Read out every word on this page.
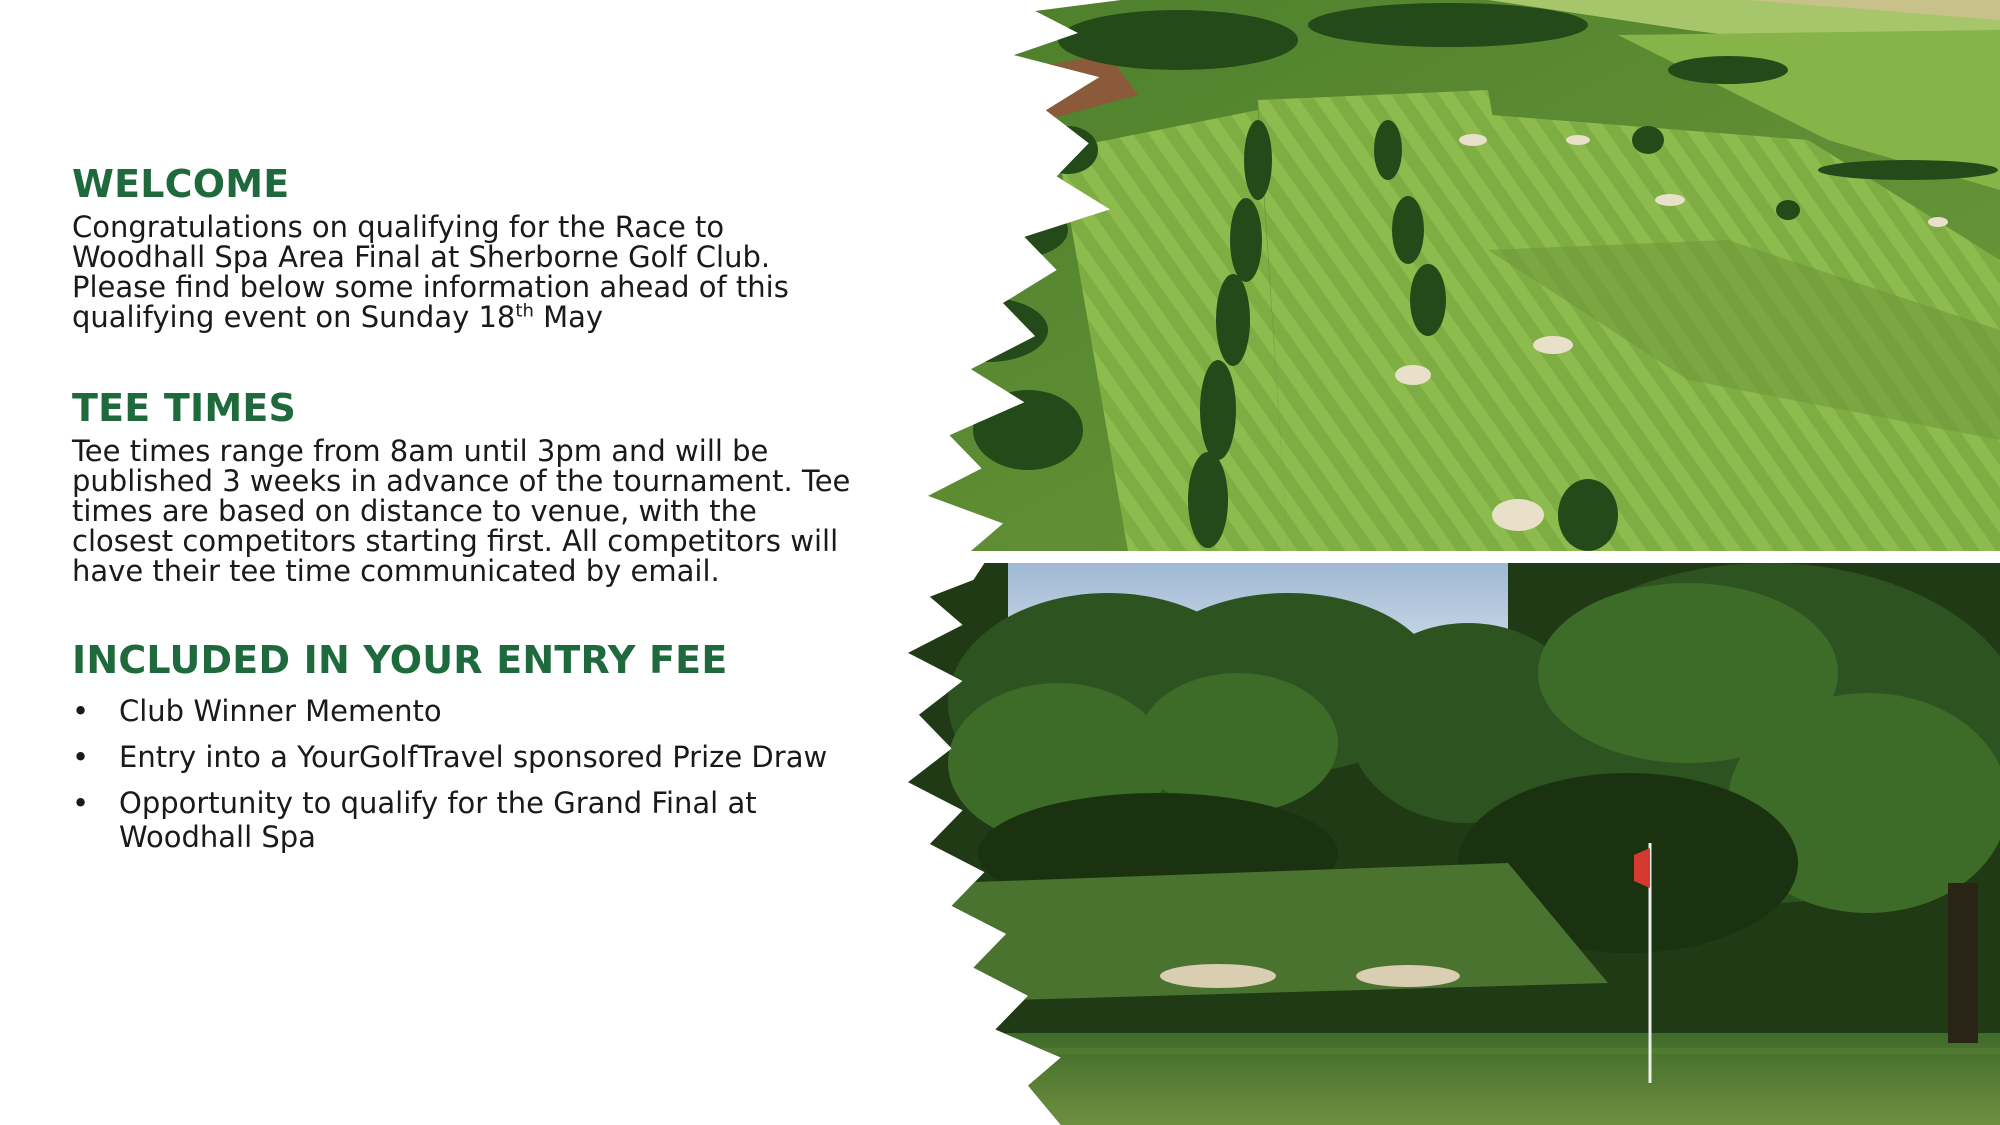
WELCOME

Congratulations on qualifying for the Race to Woodhall Spa Area Final at Sherborne Golf Club. Please find below some information ahead of this qualifying event on Sunday 18th May

TEE TIMES

Tee times range from 8am until 3pm and will be published 3 weeks in advance of the tournament. Tee times are based on distance to venue, with the closest competitors starting first. All competitors will have their tee time communicated by email.

INCLUDED IN YOUR ENTRY FEE
• Club Winner Memento
• Entry into a YourGolfTravel sponsored Prize Draw
• Opportunity to qualify for the Grand Final at Woodhall Spa
